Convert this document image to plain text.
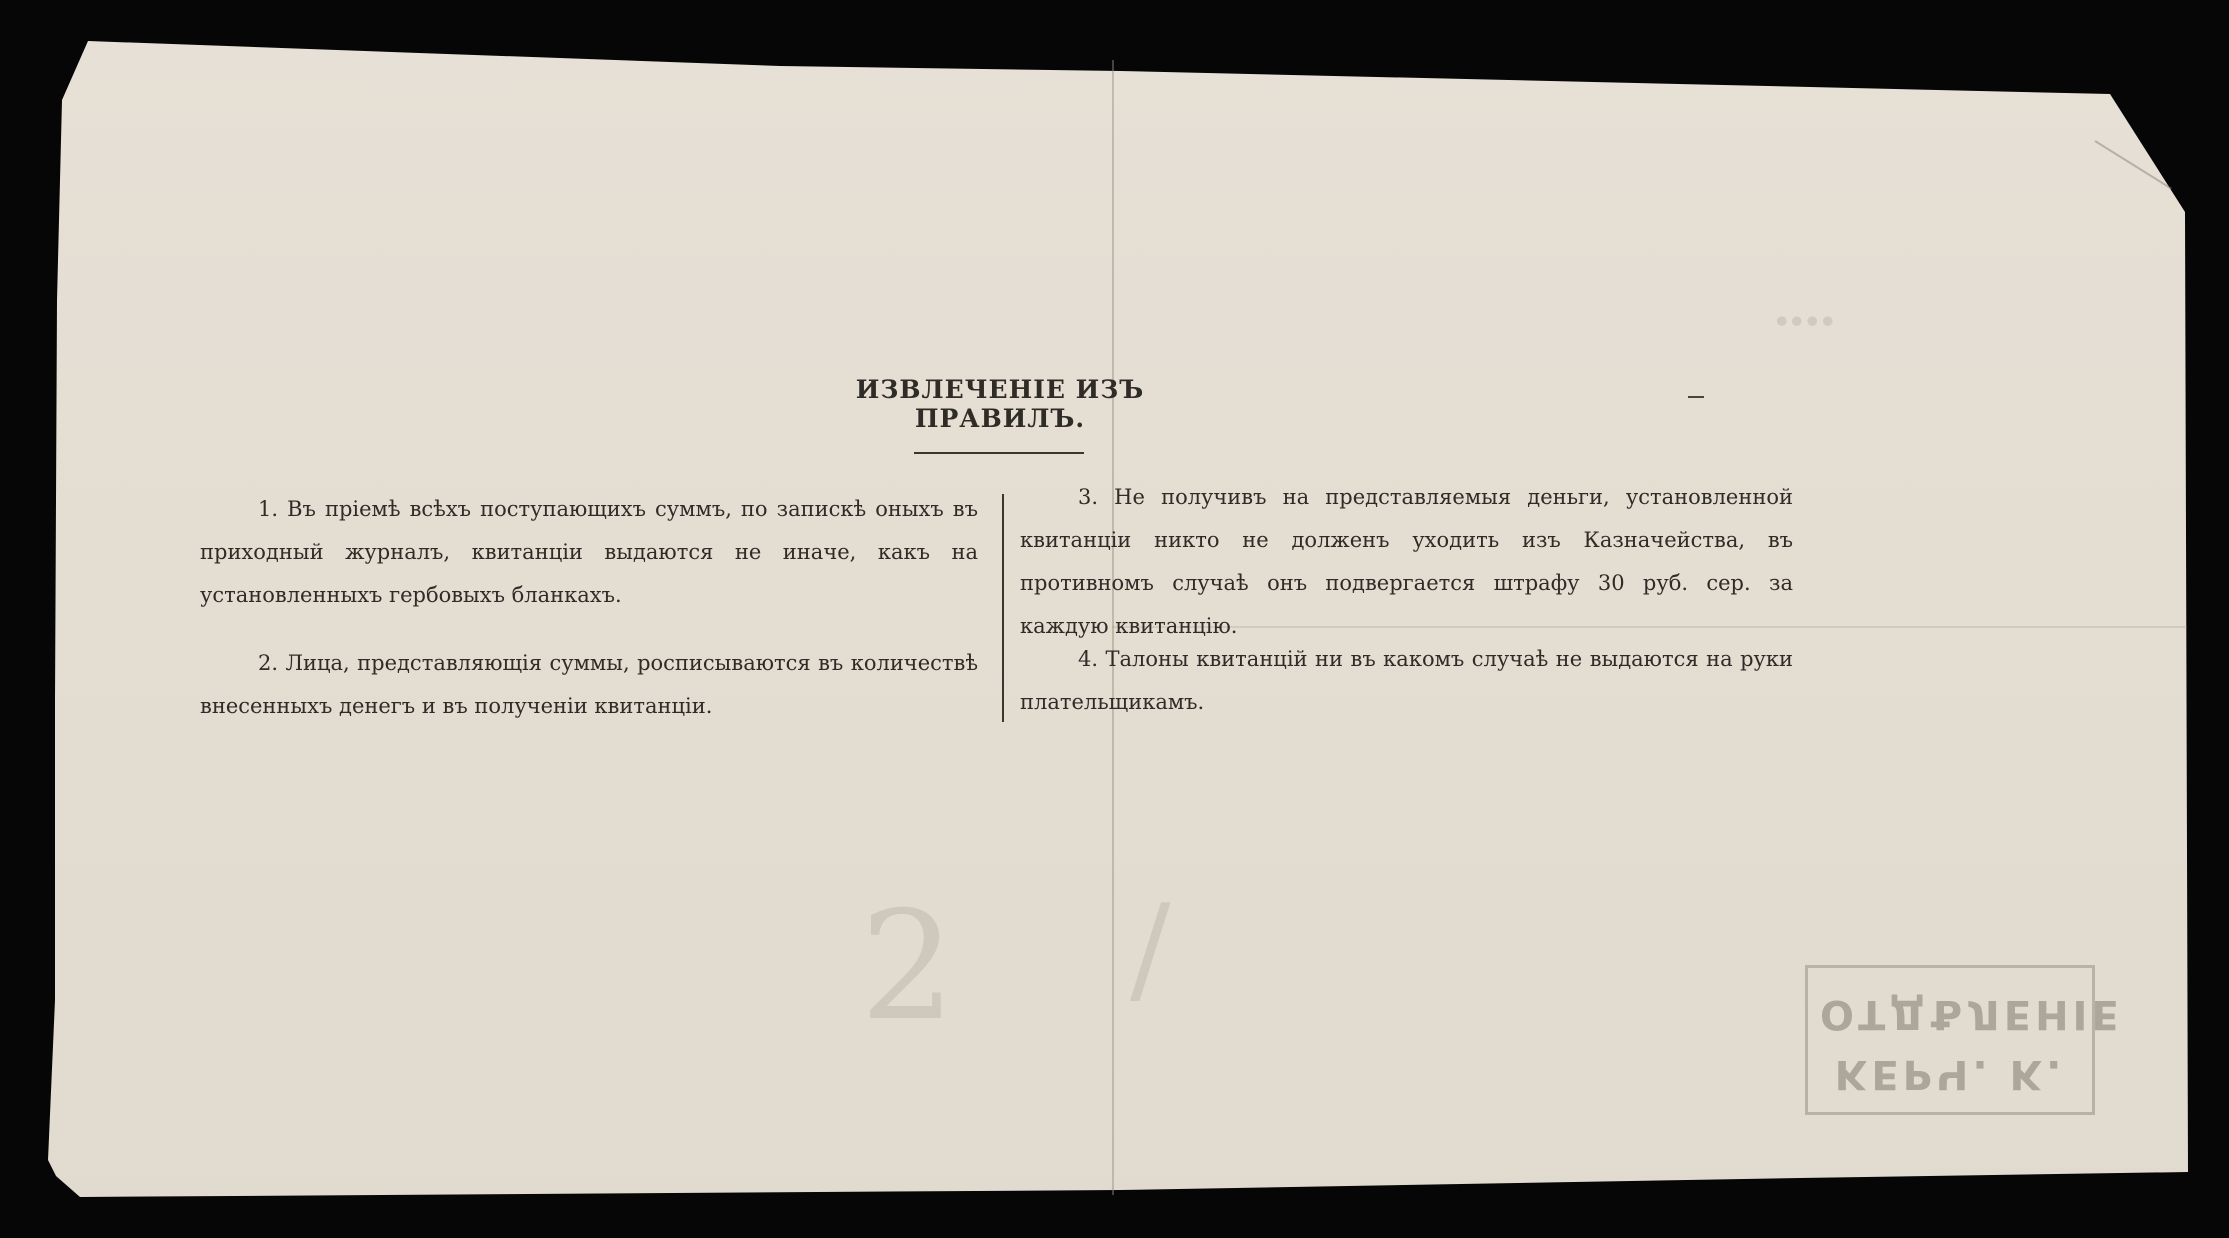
⁞
2 /
ИЗВЛЕЧЕНІЕ ИЗЪ ПРАВИЛЪ.
1. Въ пріемѣ всѣхъ поступающихъ суммъ, по запискѣ оныхъ въ приходный журналъ, квитанціи выдаются не иначе, какъ на установленныхъ гербовыхъ бланкахъ.
2. Лица, представляющія суммы, росписываются въ количествѣ внесенныхъ денегъ и въ полученіи квитанціи.
3. Не получивъ на представляемыя деньги, установленной квитанціи никто не долженъ уходить изъ Казначейства, въ противномъ случаѣ онъ подвергается штрафу 30 руб. сер. за каждую квитанцію.
4. Талоны квитанцій ни въ какомъ случаѣ не выдаются на руки плательщикамъ.
КЕРЧ. К.
ОТДѢЛЕНІЕ
